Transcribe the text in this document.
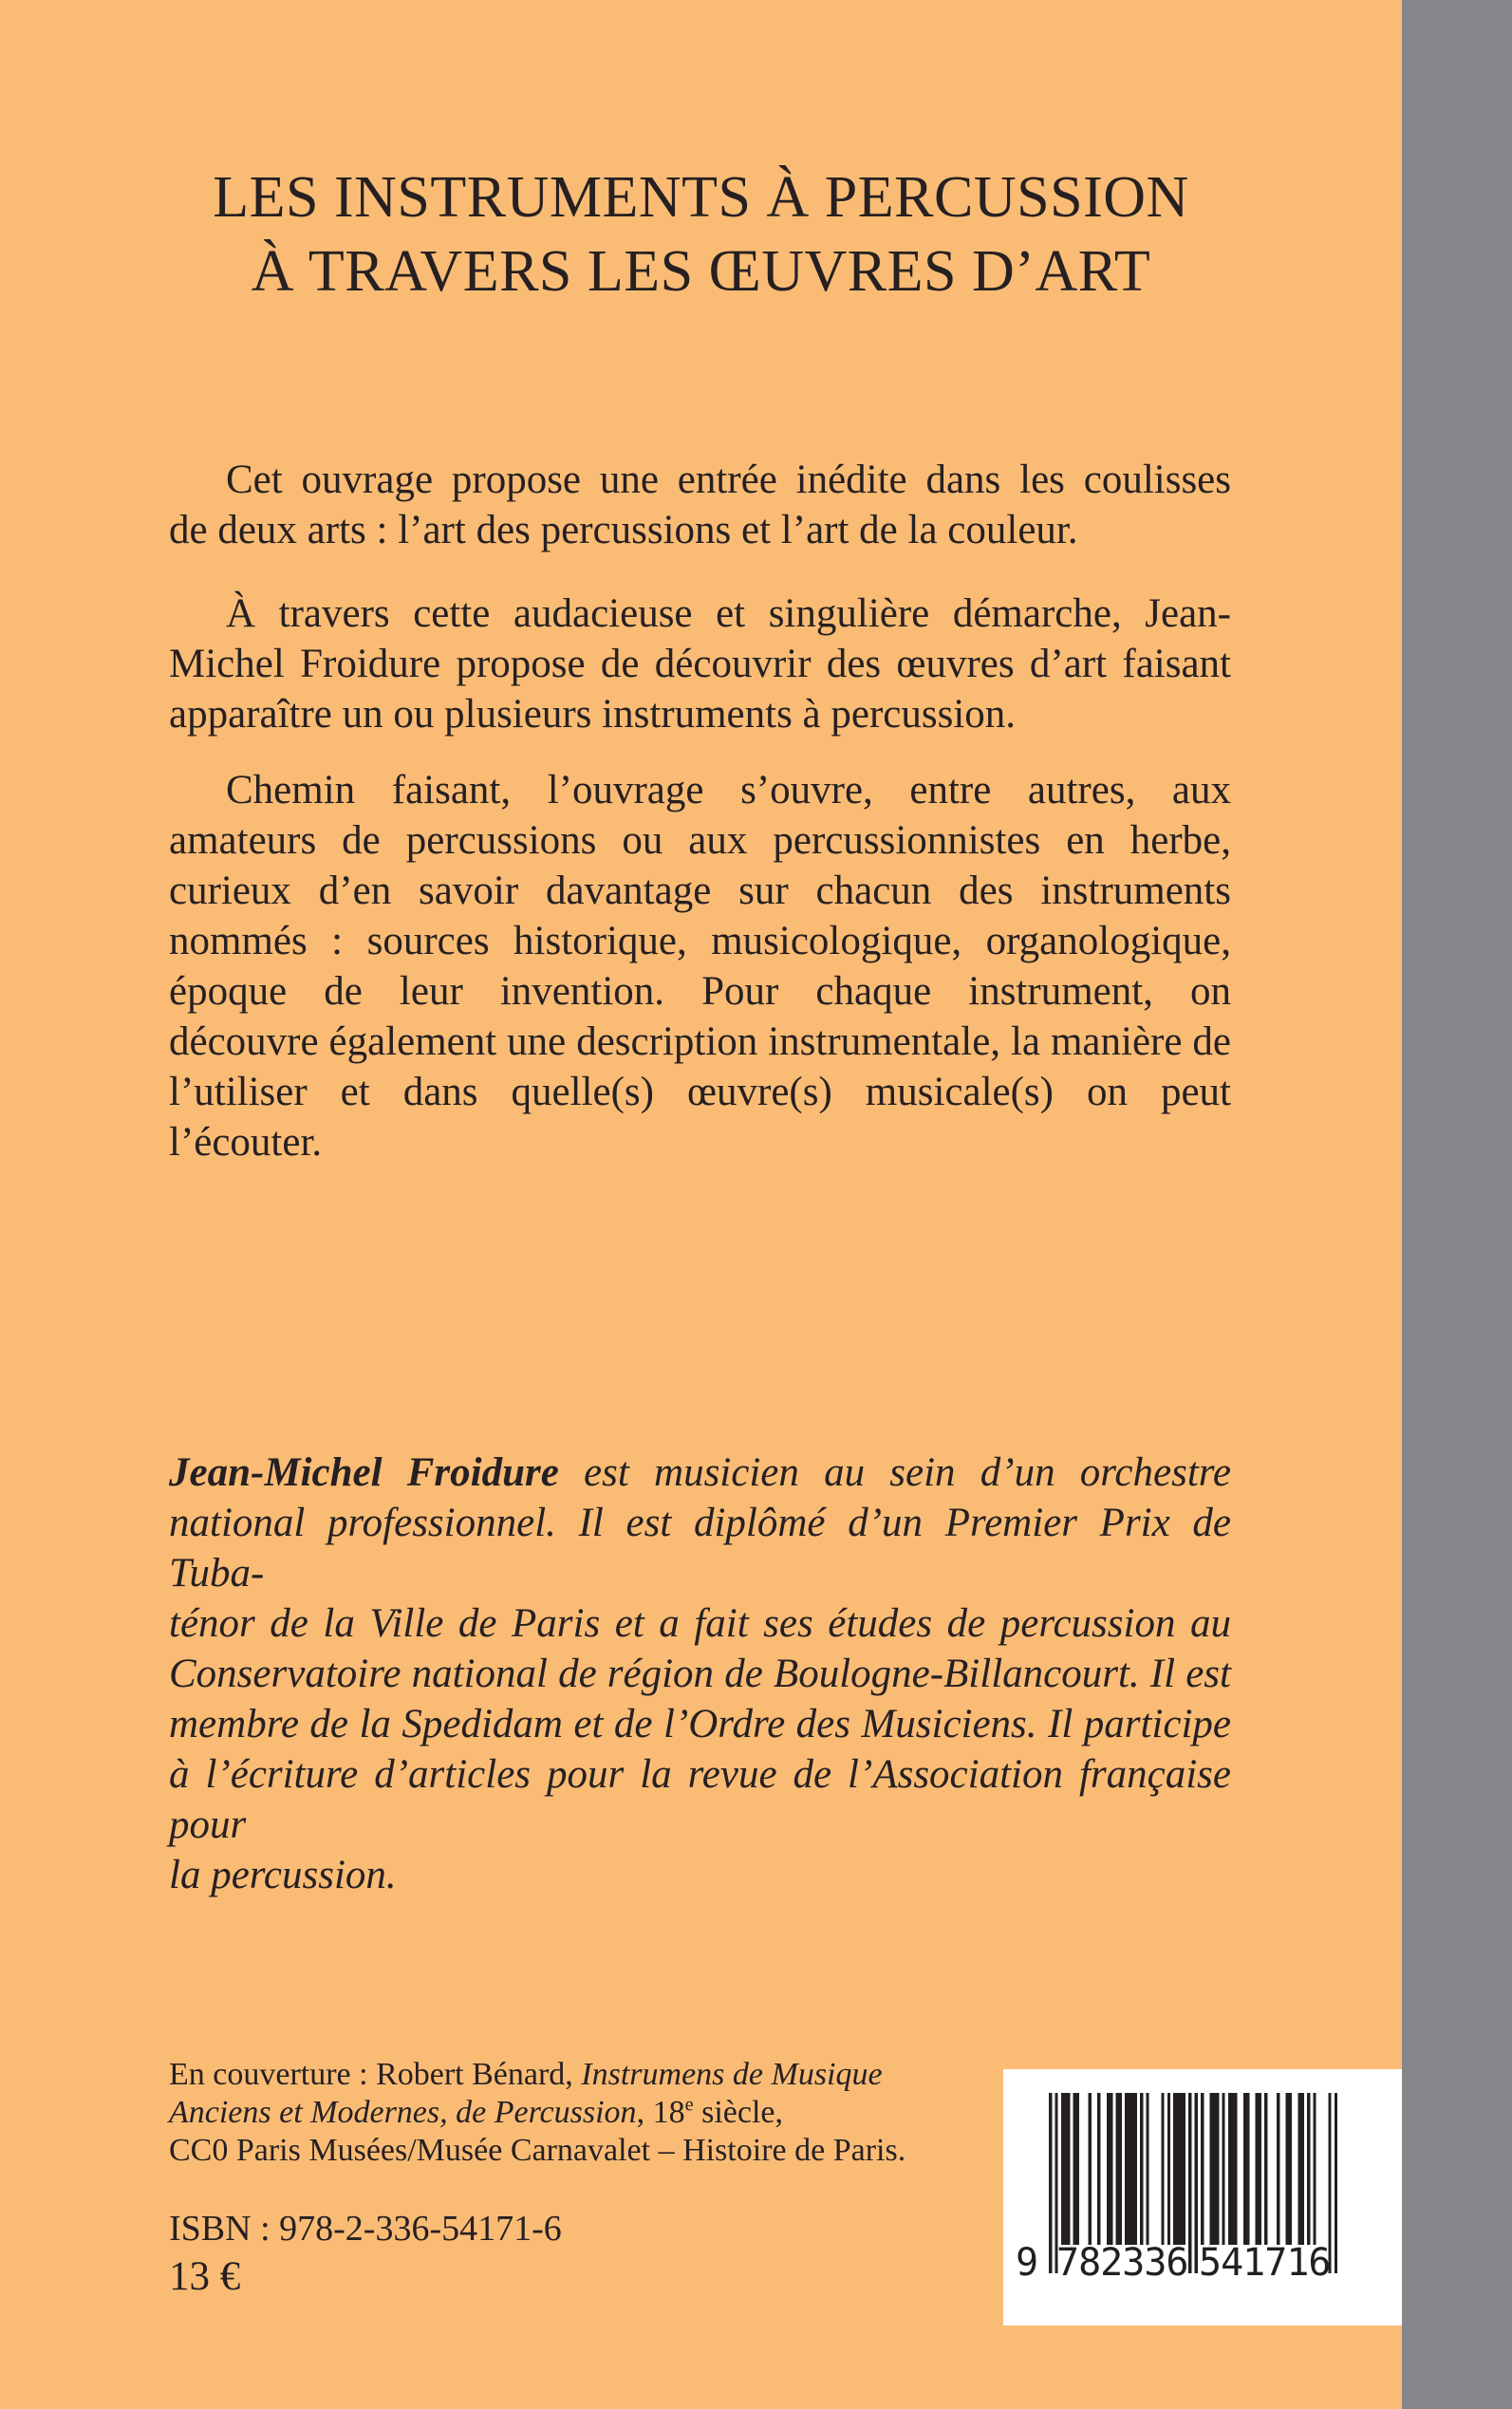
LES INSTRUMENTS À PERCUSSION
À TRAVERS LES ŒUVRES D’ART
Cet ouvrage propose une entrée inédite dans les coulisses
de deux arts : l’art des percussions et l’art de la couleur.
À travers cette audacieuse et singulière démarche, Jean-
Michel Froidure propose de découvrir des œuvres d’art faisant
apparaître un ou plusieurs instruments à percussion.
Chemin faisant, l’ouvrage s’ouvre, entre autres, aux
amateurs de percussions ou aux percussionnistes en herbe,
curieux d’en savoir davantage sur chacun des instruments
nommés : sources historique, musicologique, organologique,
époque de leur invention. Pour chaque instrument, on
découvre également une description instrumentale, la manière de
l’utiliser et dans quelle(s) œuvre(s) musicale(s) on peut l’écouter.
Jean-Michel Froidure est musicien au sein d’un orchestre
national professionnel. Il est diplômé d’un Premier Prix de Tuba-
ténor de la Ville de Paris et a fait ses études de percussion au
Conservatoire national de région de Boulogne-Billancourt. Il est
membre de la Spedidam et de l’Ordre des Musiciens. Il participe
à l’écriture d’articles pour la revue de l’Association française pour
la percussion.
En couverture : Robert Bénard, Instrumens de Musique
Anciens et Modernes, de Percussion, 18e siècle,
CC0 Paris Musées/Musée Carnavalet – Histoire de Paris.
ISBN : 978-2-336-54171-6
13 €	9 782336 541716
